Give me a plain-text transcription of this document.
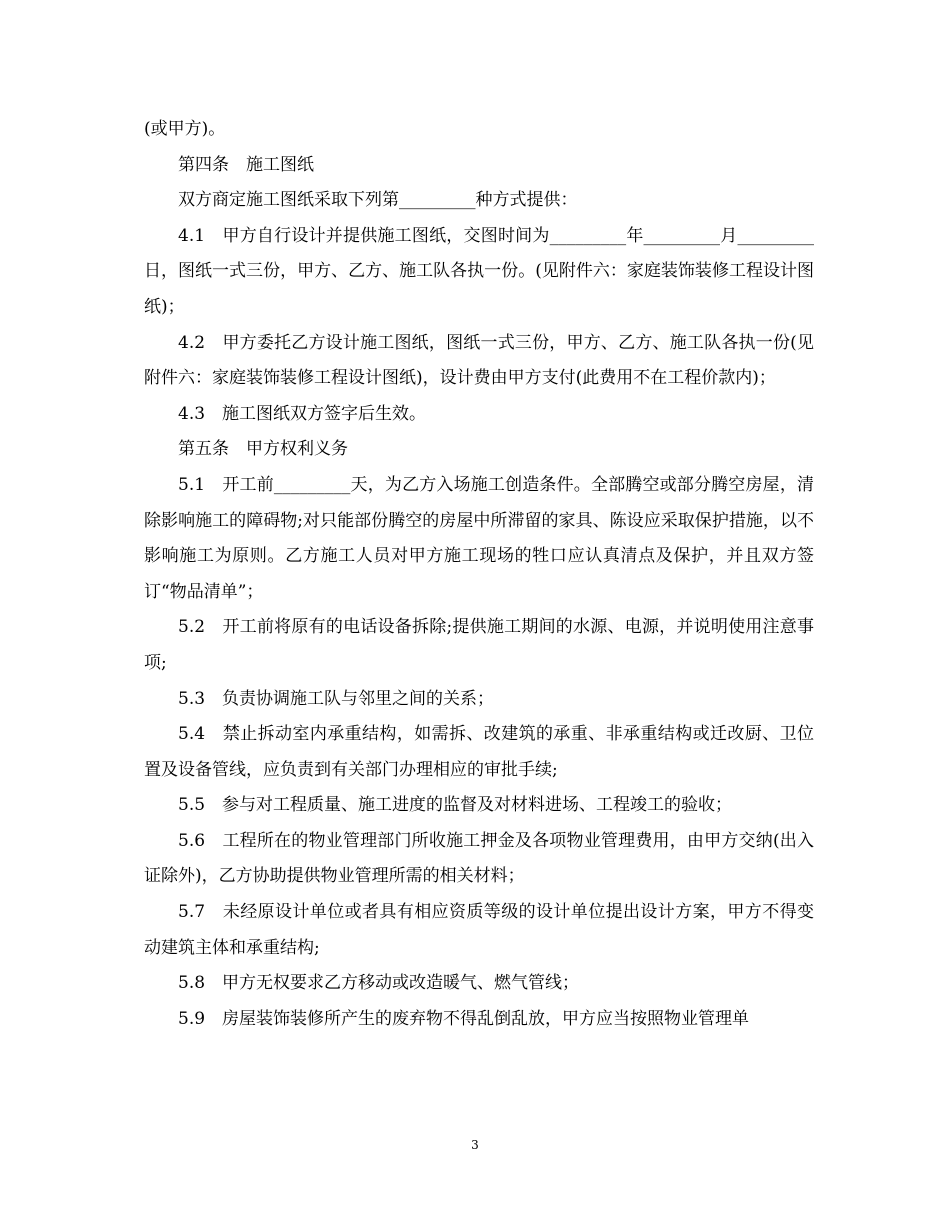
(或甲方)。

第四条　施工图纸

双方商定施工图纸采取下列第_________种方式提供：

4.1　甲方自行设计并提供施工图纸，交图时间为_________年_________月_________日，图纸一式三份，甲方、乙方、施工队各执一份。(见附件六：家庭装饰装修工程设计图纸)；

4.2　甲方委托乙方设计施工图纸，图纸一式三份，甲方、乙方、施工队各执一份(见附件六：家庭装饰装修工程设计图纸)，设计费由甲方支付(此费用不在工程价款内)；

4.3　施工图纸双方签字后生效。

第五条　甲方权利义务

5.1　开工前_________天，为乙方入场施工创造条件。全部腾空或部分腾空房屋，清除影响施工的障碍物;对只能部份腾空的房屋中所滞留的家具、陈设应采取保护措施，以不影响施工为原则。乙方施工人员对甲方施工现场的牲口应认真清点及保护，并且双方签订“物品清单”；

5.2　开工前将原有的电话设备拆除;提供施工期间的水源、电源，并说明使用注意事项;

5.3　负责协调施工队与邻里之间的关系；

5.4　禁止拆动室内承重结构，如需拆、改建筑的承重、非承重结构或迁改厨、卫位置及设备管线，应负责到有关部门办理相应的审批手续;

5.5　参与对工程质量、施工进度的监督及对材料进场、工程竣工的验收；

5.6　工程所在的物业管理部门所收施工押金及各项物业管理费用，由甲方交纳(出入证除外)，乙方协助提供物业管理所需的相关材料；

5.7　未经原设计单位或者具有相应资质等级的设计单位提出设计方案，甲方不得变动建筑主体和承重结构;

5.8　甲方无权要求乙方移动或改造暖气、燃气管线；

5.9　房屋装饰装修所产生的废弃物不得乱倒乱放，甲方应当按照物业管理单

3
